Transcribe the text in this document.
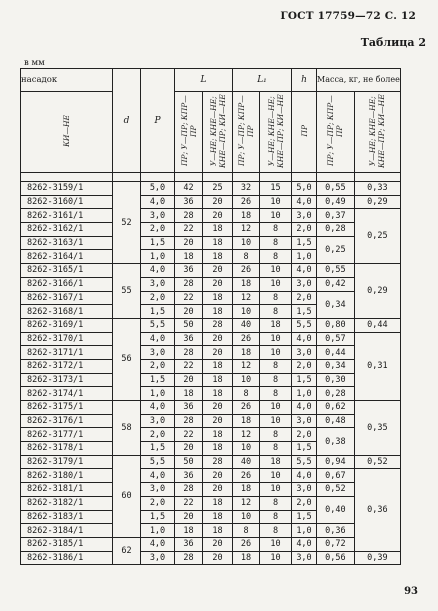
ГОСТ 17759—72 С. 12
Таблица 2
в мм
насадок	d	P	L		L₁		h	Масса, кг, не более	
КИ—НЕ			ПР; У—ПР; КПР—ПР	У—НЕ; КНЕ—НЕ; КНЕ—ПР; КИ—НЕ	ПР; У—ПР; КПР—ПР	У—НЕ; КНЕ—НЕ; КНЕ—ПР; КИ—НЕ	ПР	ПР; У—ПР; КПР—ПР	У—НЕ; КНЕ—НЕ; КНЕ—ПР; КИ—НЕ

8262-3159/1	52	5,0	42	25	32	15	5,0	0,55	0,33
8262-3160/1		4,0	36	20	26	10	4,0	0,49	0,29
8262-3161/1		3,0	28	20	18	10	3,0	0,37	0,25
8262-3162/1		2,0	22	18	12	8	2,0	0,28	
8262-3163/1		1,5	20	18	10	8	1,5	0,25	
8262-3164/1		1,0	18	18	8	8	1,0		
8262-3165/1	55	4,0	36	20	26	10	4,0	0,55	0,29
8262-3166/1		3,0	28	20	18	10	3,0	0,42	
8262-3167/1		2,0	22	18	12	8	2,0	0,34	
8262-3168/1		1,5	20	18	10	8	1,5		
8262-3169/1	56	5,5	50	28	40	18	5,5	0,80	0,44
8262-3170/1		4,0	36	20	26	10	4,0	0,57	0,31
8262-3171/1		3,0	28	20	18	10	3,0	0,44	
8262-3172/1		2,0	22	18	12	8	2,0	0,34	
8262-3173/1		1,5	20	18	10	8	1,5	0,30	
8262-3174/1		1,0	18	18	8	8	1,0	0,28	
8262-3175/1	58	4,0	36	20	26	10	4,0	0,62	0,35
8262-3176/1		3,0	28	20	18	10	3,0	0,48	
8262-3177/1		2,0	22	18	12	8	2,0	0,38	
8262-3178/1		1,5	20	18	10	8	1,5		
8262-3179/1	60	5,5	50	28	40	18	5,5	0,94	0,52
8262-3180/1		4,0	36	20	26	10	4,0	0,67	0,36
8262-3181/1		3,0	28	20	18	10	3,0	0,52	
8262-3182/1		2,0	22	18	12	8	2,0	0,40	
8262-3183/1		1,5	20	18	10	8	1,5		
8262-3184/1		1,0	18	18	8	8	1,0	0,36	
8262-3185/1	62	4,0	36	20	26	10	4,0	0,72	
8262-3186/1		3,0	28	20	18	10	3,0	0,56	0,39
93
